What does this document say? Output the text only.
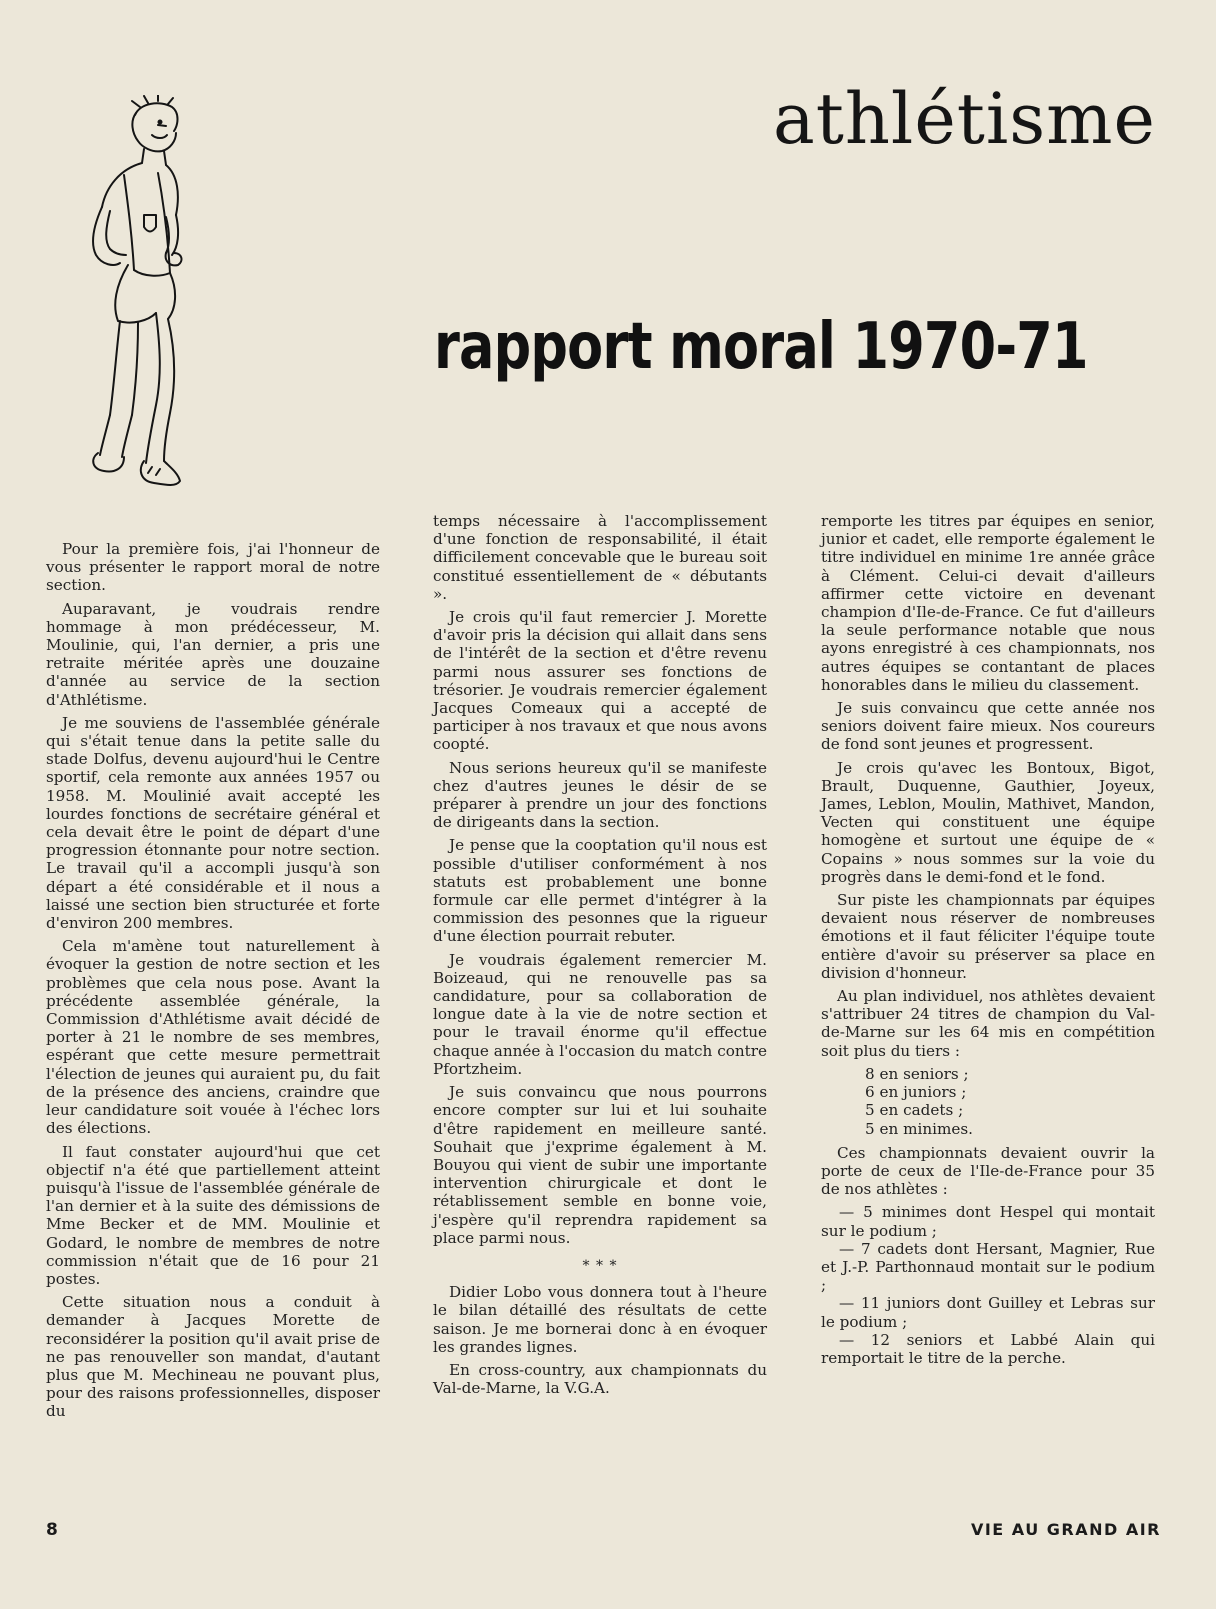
athlétisme
rapport moral 1970-71

Pour la première fois, j'ai l'honneur de vous présenter le rapport moral de notre section.

Auparavant, je voudrais rendre hommage à mon prédécesseur, M. Moulinie, qui, l'an dernier, a pris une retraite méritée après une douzaine d'année au service de la section d'Athlétisme.

Je me souviens de l'assemblée générale qui s'était tenue dans la petite salle du stade Dolfus, devenu aujourd'hui le Centre sportif, cela remonte aux années 1957 ou 1958. M. Moulinié avait accepté les lourdes fonctions de secrétaire général et cela devait être le point de départ d'une progression étonnante pour notre section. Le travail qu'il a accompli jusqu'à son départ a été considérable et il nous a laissé une section bien structurée et forte d'environ 200 membres.

Cela m'amène tout naturellement à évoquer la gestion de notre section et les problèmes que cela nous pose. Avant la précédente assemblée générale, la Commission d'Athlétisme avait décidé de porter à 21 le nombre de ses membres, espérant que cette mesure permettrait l'élection de jeunes qui auraient pu, du fait de la présence des anciens, craindre que leur candidature soit vouée à l'échec lors des élections.

Il faut constater aujourd'hui que cet objectif n'a été que partiellement atteint puisqu'à l'issue de l'assemblée générale de l'an dernier et à la suite des démissions de Mme Becker et de MM. Moulinie et Godard, le nombre de membres de notre commission n'était que de 16 pour 21 postes.

Cette situation nous a conduit à demander à Jacques Morette de reconsidérer la position qu'il avait prise de ne pas renouveller son mandat, d'autant plus que M. Mechineau ne pouvant plus, pour des raisons professionnelles, disposer du

temps nécessaire à l'accomplissement d'une fonction de responsabilité, il était difficilement concevable que le bureau soit constitué essentiellement de « débutants ».

Je crois qu'il faut remercier J. Morette d'avoir pris la décision qui allait dans sens de l'intérêt de la section et d'être revenu parmi nous assurer ses fonctions de trésorier. Je voudrais remercier également Jacques Comeaux qui a accepté de participer à nos travaux et que nous avons coopté.

Nous serions heureux qu'il se manifeste chez d'autres jeunes le désir de se préparer à prendre un jour des fonctions de dirigeants dans la section.

Je pense que la cooptation qu'il nous est possible d'utiliser conformément à nos statuts est probablement une bonne formule car elle permet d'intégrer à la commission des pesonnes que la rigueur d'une élection pourrait rebuter.

Je voudrais également remercier M. Boizeaud, qui ne renouvelle pas sa candidature, pour sa collaboration de longue date à la vie de notre section et pour le travail énorme qu'il effectue chaque année à l'occasion du match contre Pfortzheim.

Je suis convaincu que nous pourrons encore compter sur lui et lui souhaite d'être rapidement en meilleure santé. Souhait que j'exprime également à M. Bouyou qui vient de subir une importante intervention chirurgicale et dont le rétablissement semble en bonne voie, j'espère qu'il reprendra rapidement sa place parmi nous.

* * *

Didier Lobo vous donnera tout à l'heure le bilan détaillé des résultats de cette saison. Je me bornerai donc à en évoquer les grandes lignes.

En cross-country, aux championnats du Val-de-Marne, la V.G.A.

remporte les titres par équipes en senior, junior et cadet, elle remporte également le titre individuel en minime 1re année grâce à Clément. Celui-ci devait d'ailleurs affirmer cette victoire en devenant champion d'Ile-de-France. Ce fut d'ailleurs la seule performance notable que nous ayons enregistré à ces championnats, nos autres équipes se contantant de places honorables dans le milieu du classement.

Je suis convaincu que cette année nos seniors doivent faire mieux. Nos coureurs de fond sont jeunes et progressent.

Je crois qu'avec les Bontoux, Bigot, Brault, Duquenne, Gauthier, Joyeux, James, Leblon, Moulin, Mathivet, Mandon, Vecten qui constituent une équipe homogène et surtout une équipe de « Copains » nous sommes sur la voie du progrès dans le demi-fond et le fond.

Sur piste les championnats par équipes devaient nous réserver de nombreuses émotions et il faut féliciter l'équipe toute entière d'avoir su préserver sa place en division d'honneur.

Au plan individuel, nos athlètes devaient s'attribuer 24 titres de champion du Val-de-Marne sur les 64 mis en compétition soit plus du tiers :

8 en seniors ;
6 en juniors ;
5 en cadets ;
5 en minimes.

Ces championnats devaient ouvrir la porte de ceux de l'Ile-de-France pour 35 de nos athlètes :

— 5 minimes dont Hespel qui montait sur le podium ;
— 7 cadets dont Hersant, Magnier, Rue et J.-P. Parthonnaud montait sur le podium ;
— 11 juniors dont Guilley et Lebras sur le podium ;
— 12 seniors et Labbé Alain qui remportait le titre de la perche.
8	VIE AU GRAND AIR
